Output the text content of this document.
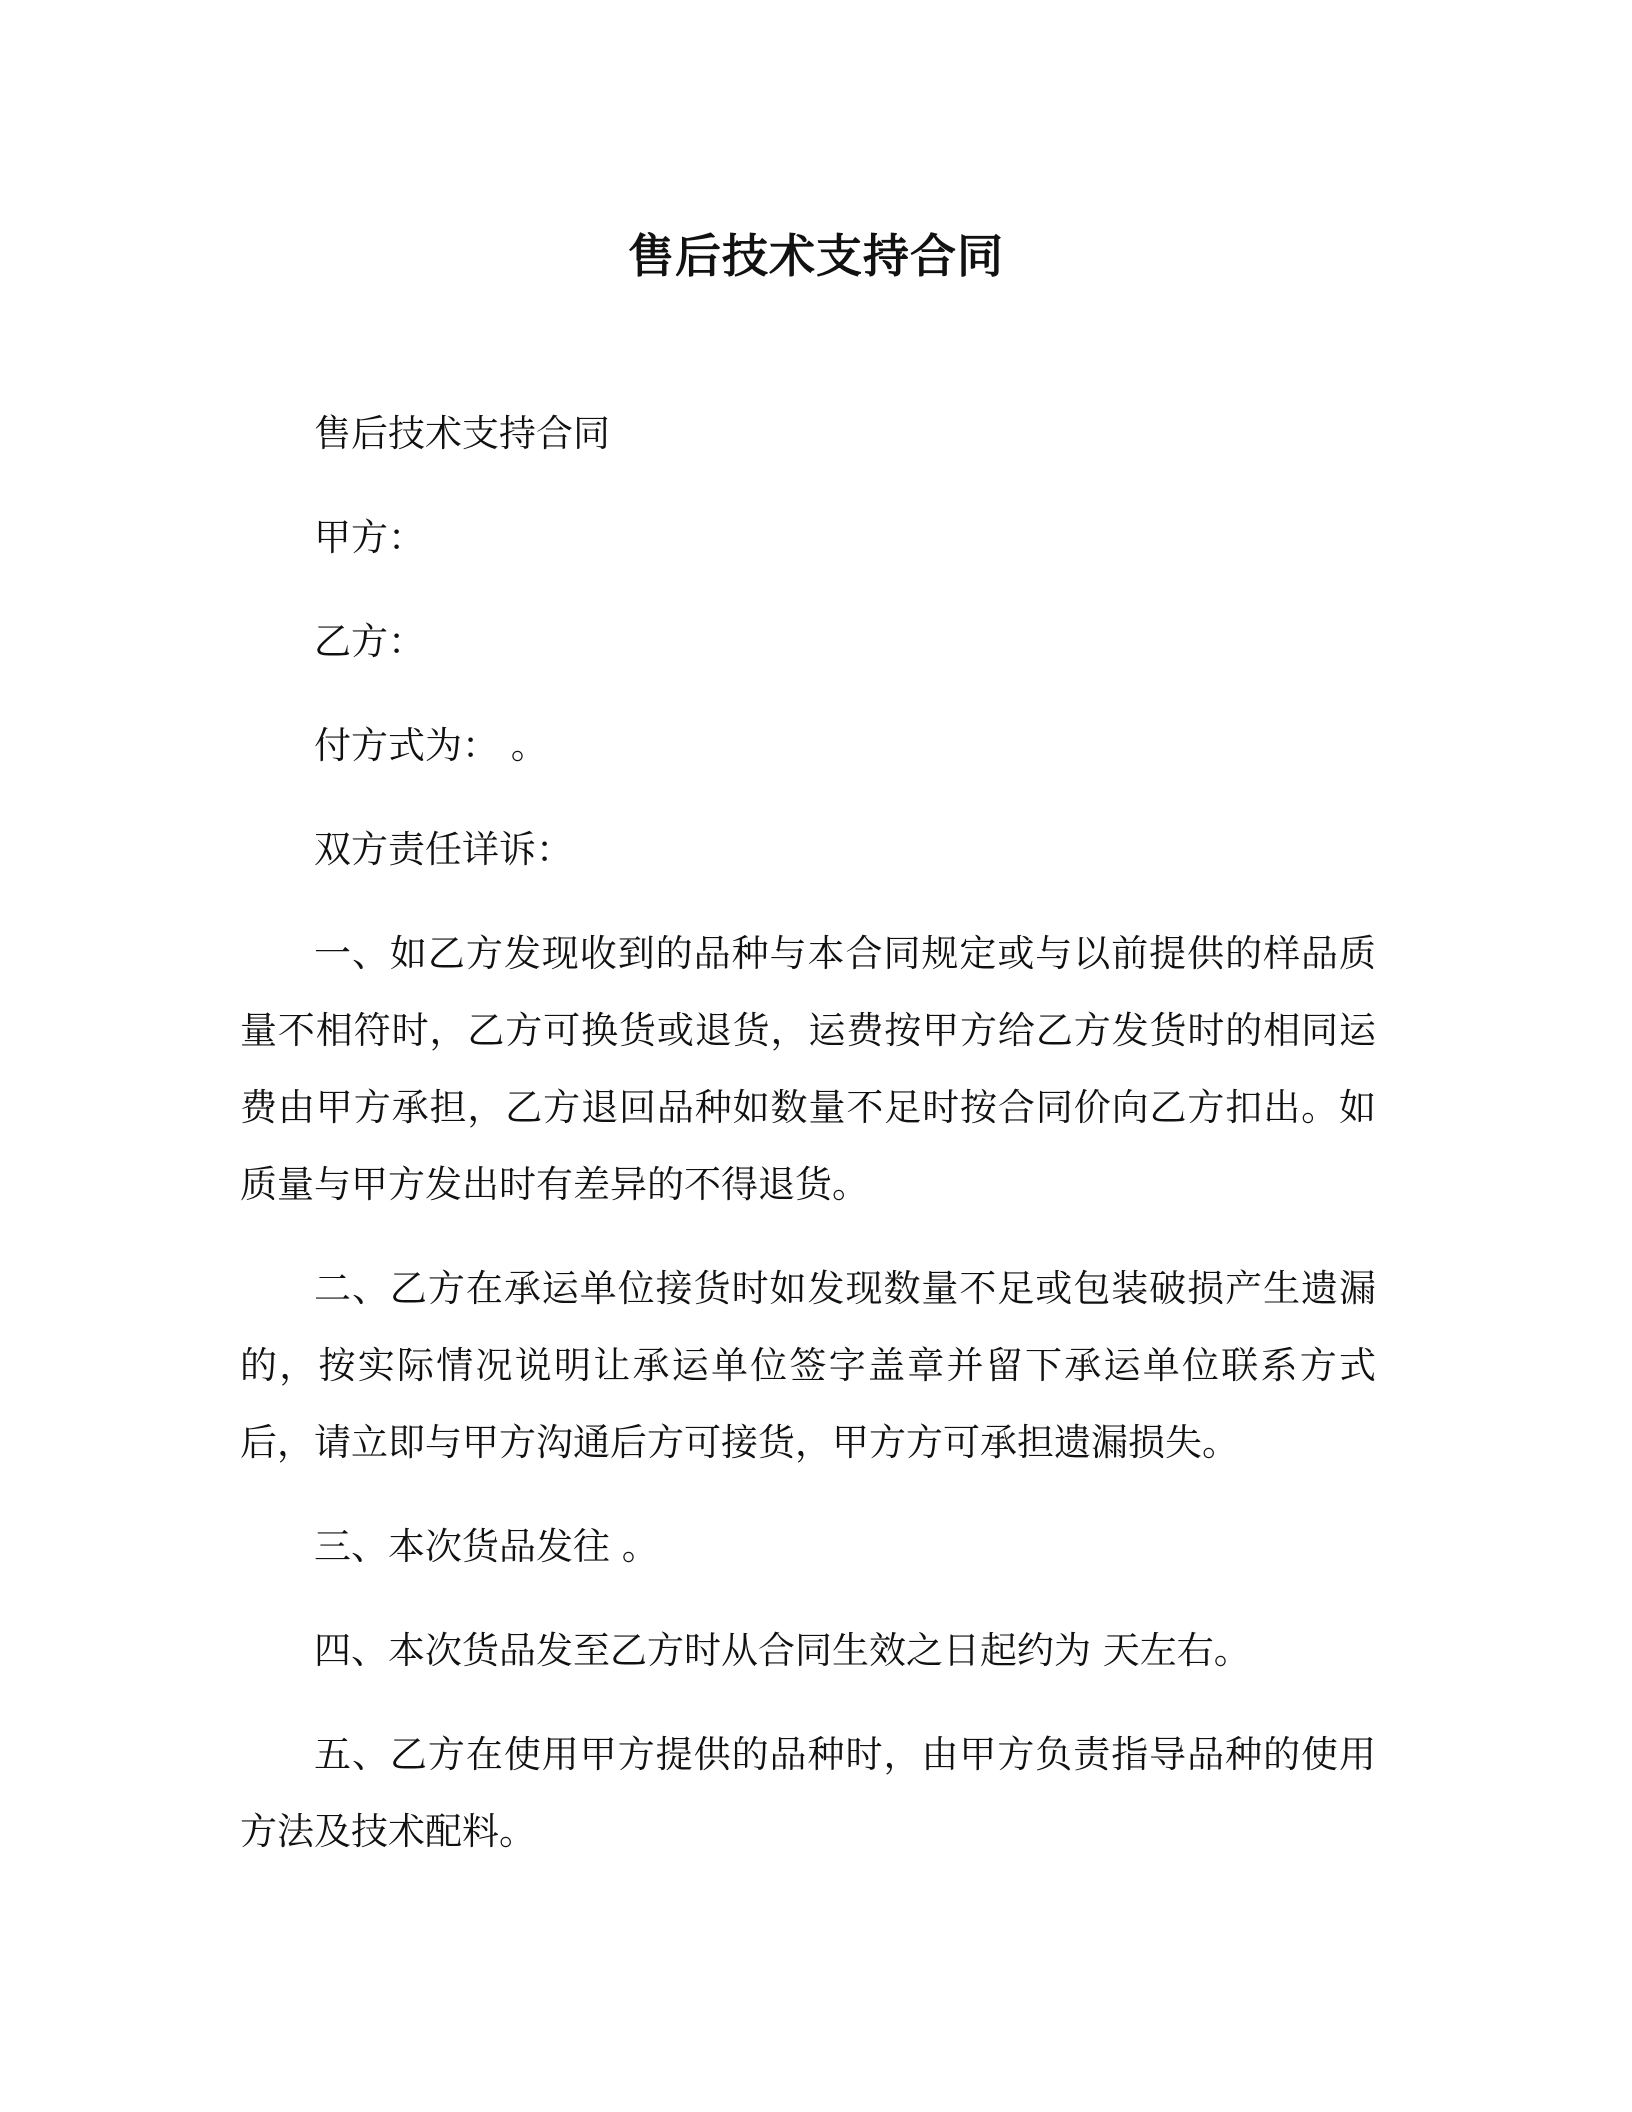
售后技术支持合同

售后技术支持合同

甲方：

乙方：

付方式为： 。

双方责任详诉：

一、如乙方发现收到的品种与本合同规定或与以前提供的样品质量不相符时，乙方可换货或退货，运费按甲方给乙方发货时的相同运费由甲方承担，乙方退回品种如数量不足时按合同价向乙方扣出。如质量与甲方发出时有差异的不得退货。

二、乙方在承运单位接货时如发现数量不足或包装破损产生遗漏的，按实际情况说明让承运单位签字盖章并留下承运单位联系方式后，请立即与甲方沟通后方可接货，甲方方可承担遗漏损失。

三、本次货品发往 。

四、本次货品发至乙方时从合同生效之日起约为 天左右。

五、乙方在使用甲方提供的品种时，由甲方负责指导品种的使用方法及技术配料。
